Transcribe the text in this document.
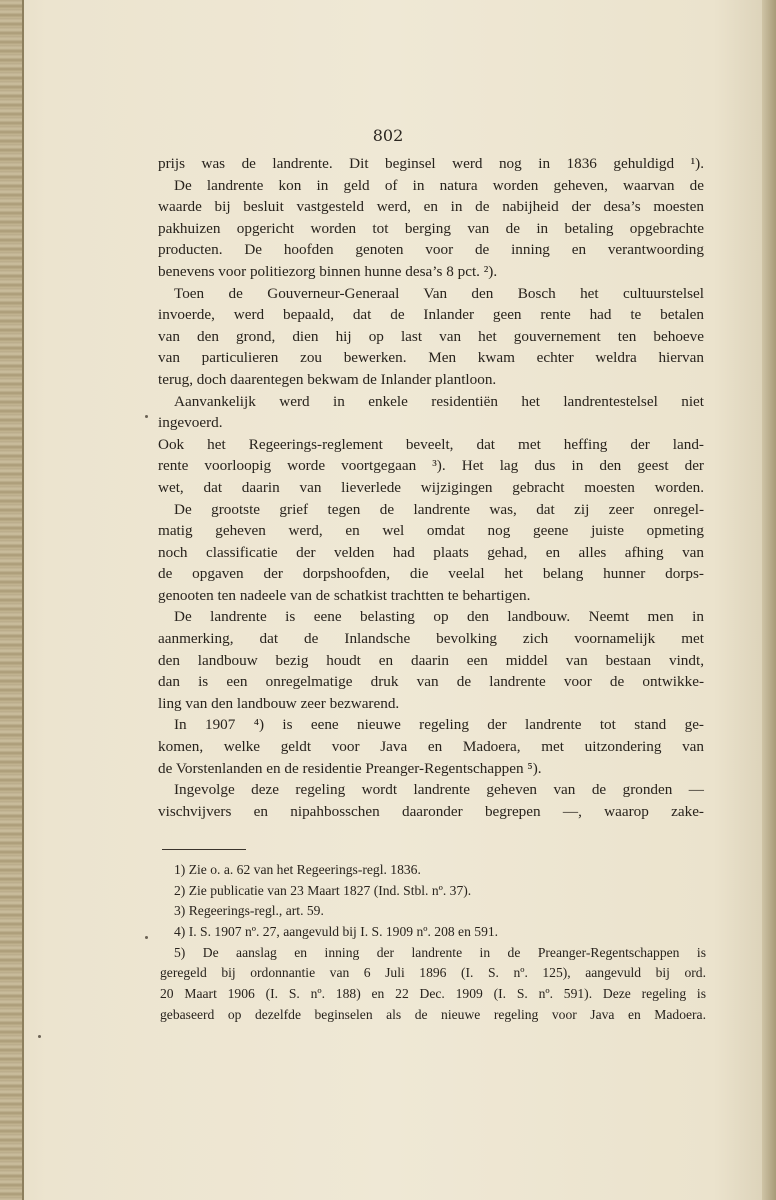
802
prijs was de landrente. Dit beginsel werd nog in 1836 gehuldigd ¹).
De landrente kon in geld of in natura worden geheven, waarvan de
waarde bij besluit vastgesteld werd, en in de nabijheid der desa’s moesten
pakhuizen opgericht worden tot berging van de in betaling opgebrachte
producten. De hoofden genoten voor de inning en verantwoording
benevens voor politiezorg binnen hunne desa’s 8 pct. ²).
Toen de Gouverneur-Generaal Van den Bosch het cultuurstelsel
invoerde, werd bepaald, dat de Inlander geen rente had te betalen
van den grond, dien hij op last van het gouvernement ten behoeve
van particulieren zou bewerken. Men kwam echter weldra hiervan
terug, doch daarentegen bekwam de Inlander plantloon.
Aanvankelijk werd in enkele residentiën het landrentestelsel niet
ingevoerd.
Ook het Regeerings-reglement beveelt, dat met heffing der land-
rente voorloopig worde voortgegaan ³). Het lag dus in den geest der
wet, dat daarin van lieverlede wijzigingen gebracht moesten worden.
De grootste grief tegen de landrente was, dat zij zeer onregel-
matig geheven werd, en wel omdat nog geene juiste opmeting
noch classificatie der velden had plaats gehad, en alles afhing van
de opgaven der dorpshoofden, die veelal het belang hunner dorps-
genooten ten nadeele van de schatkist trachtten te behartigen.
De landrente is eene belasting op den landbouw. Neemt men in
aanmerking, dat de Inlandsche bevolking zich voornamelijk met
den landbouw bezig houdt en daarin een middel van bestaan vindt,
dan is een onregelmatige druk van de landrente voor de ontwikke-
ling van den landbouw zeer bezwarend.
In 1907 ⁴) is eene nieuwe regeling der landrente tot stand ge-
komen, welke geldt voor Java en Madoera, met uitzondering van
de Vorstenlanden en de residentie Preanger-Regentschappen ⁵).
Ingevolge deze regeling wordt landrente geheven van de gronden —
vischvijvers en nipahbosschen daaronder begrepen —, waarop zake-
1) Zie o. a. 62 van het Regeerings-regl. 1836.
2) Zie publicatie van 23 Maart 1827 (Ind. Stbl. nº. 37).
3) Regeerings-regl., art. 59.
4) I. S. 1907 nº. 27, aangevuld bij I. S. 1909 nº. 208 en 591.
5) De aanslag en inning der landrente in de Preanger-Regentschappen is
geregeld bij ordonnantie van 6 Juli 1896 (I. S. nº. 125), aangevuld bij ord.
20 Maart 1906 (I. S. nº. 188) en 22 Dec. 1909 (I. S. nº. 591). Deze regeling is
gebaseerd op dezelfde beginselen als de nieuwe regeling voor Java en Madoera.
